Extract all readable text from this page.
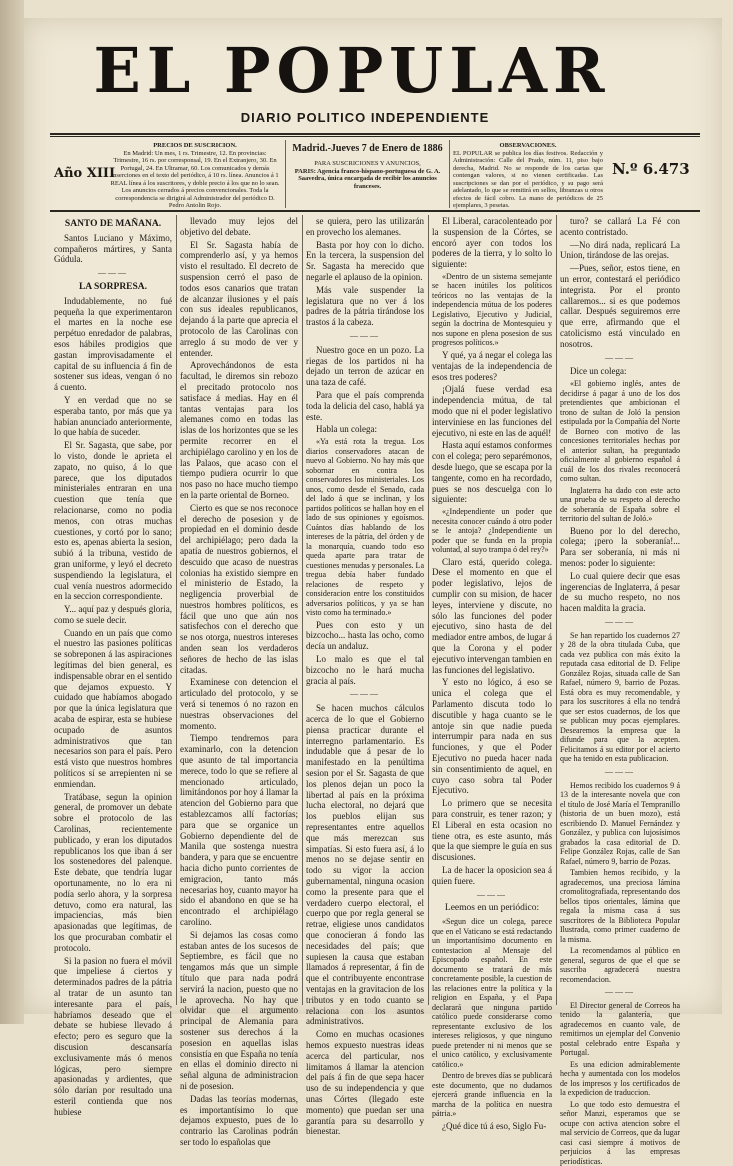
EL POPULAR
DIARIO POLITICO INDEPENDIENTE
Año XIII
PRECIOS DE SUSCRICION.
En Madrid: Un mes, 1 rs. Trimestre, 12. En provincias: Trimestre, 16 rs. por corresponsal, 19. En el Extranjero, 30. En Portugal, 24. En Ultramar, 60. Los comunicados y demás inserciones en el texto del periódico, á 10 rs. línea. Anuncios á 1 REAL línea á los suscritores, y doble precio á los que no lo sean. Los anuncios cerrados á precios convencionales. Toda la correspondencia se dirigirá al Administrador del periódico D. Pedro Antolin Rojo.
Madrid.-Jueves 7 de Enero de 1886
PARA SUSCRICIONES Y ANUNCIOS,
PARIS: Agencia franco-hispano-portuguesa de G. A. Saavedra, única encargada de recibir los anuncios franceses.
OBSERVACIONES.
EL POPULAR se publica los días festivos. Redacción y Administración: Calle del Prado, núm. 11, piso bajo derecha, Madrid. No se responde de los cartas que contengan valores, si no vienen certificadas. Las suscripciones se dan por el periódico, y su pago será adelantado, lo que se remitirá en sellos, libranzas u otros efectos de fácil cobro. La mano de periódicos de 25 ejemplares, 3 pesetas.
N.º 6.473
SANTO DE MAÑANA.

Santos Luciano y Máximo, compañeros mártires, y Santa Gúdula.

———
LA SORPRESA.

Indudablemente, no fué pequeña la que experimentaron el martes en la noche ese perpétuo enredador de palabras, esos hábiles prodigios que gastan improvisadamente el capital de su influencia á fin de sostener sus ideas, vengan ó no á cuento.

Y en verdad que no se esperaba tanto, por más que ya habían anunciado anteriormente, lo que había de suceder.

El Sr. Sagasta, que sabe, por lo visto, donde le aprieta el zapato, no quiso, á lo que parece, que los diputados ministeriales entraran en una cuestion que tenía que relacionarse, como no podia menos, con otras muchas cuestiones, y cortó por lo sano; esto es, apenas abierta la sesion, subió á la tribuna, vestido de gran uniforme, y leyó el decreto suspendiendo la legislatura, el cual venía nuestros adormecido en la seccion correspondiente.

Y... aquí paz y después gloria, como se suele decir.

Cuando en un país que como el nuestro las pasiones políticas se sobreponen á las aspiraciones legítimas del bien general, es indispensable obrar en el sentido que dejamos expuesto. Y cuidado que habíamos abogado por que la única legislatura que acaba de espirar, esta se hubiese ocupado de asuntos administrativos que tan necesarios son para el país. Pero está visto que nuestros hombres políticos sí se arrepienten ni se enmiendan.

Tratábase, segun la opinion general, de promover un debate sobre el protocolo de las Carolinas, recientemente publicado, y eran los diputados republicanos los que iban á ser los sostenedores del palenque. Este debate, que tendría lugar oportunamente, no lo era ni podía serlo ahora, y la sorpresa detuvo, como era natural, las impaciencias, más bien apasionadas que legítimas, de los que procuraban combatir el protocolo.

Si la pasion no fuera el móvil que impeliese á ciertos y determinados padres de la pátria al tratar de un asunto tan interesante para el país, habríamos deseado que el debate se hubiese llevado á efecto; pero es seguro que la discusion descansaría exclusivamente más ó menos lógicas, pero siempre apasionadas y ardientes, que sólo darían por resultado una esteril contienda que nos hubiese

llevado muy lejos del objetivo del debate.

El Sr. Sagasta había de comprenderlo así, y ya hemos visto el resultado. El decreto de suspension cerró el paso de todos esos canarios que tratan de alcanzar ilusiones y el país con sus ideales republicanos, dejando á la parte que aprecia el protocolo de las Carolinas con arreglo á su modo de ver y entender.

Aprovechándonos de esta facultad, le diremos sin rebozo el precitado protocolo nos satisface á medias. Hay en él tantas ventajas para los alemanes como en todas las islas de los horizontes que se les permite recorrer en el archipiélago carolino y en los de las Palaos, que acaso con el tiempo pudiera ocurrir lo que nos paso no hace mucho tiempo en la parte oriental de Borneo.

Cierto es que se nos reconoce el derecho de posesion y de propiedad en el dominio desde del archipiélago; pero dada la apatía de nuestros gobiernos, el descuido que acaso de nuestras colonias ha existido siempre en el ministerio de Estado, la negligencia proverbial de nuestros hombres políticos, es fácil que uno que aún nos satisfechos con el derecho que se nos otorga, nuestros intereses anden sean los verdaderos señores de hecho de las islas citadas.

Examinese con detencion el articulado del protocolo, y se verá si tenemos ó no razon en nuestras observaciones del momento.

Tiempo tendremos para examinarlo, con la detencion que asunto de tal importancia merece, todo lo que se refiere al mencionado articulado, limitándonos por hoy á llamar la atencion del Gobierno para que establezcamos allí factorías; para que se organice un Gobierno dependiente del de Manila que sostenga nuestra bandera, y para que se encuentre hacia dicho punto corrientes de emigracion, tanto más necesarias hoy, cuanto mayor ha sido el abandono en que se ha encontrado el archipiélago carolino.

Si dejamos las cosas como estaban antes de los sucesos de Septiembre, es fácil que no tengamos más que un simple título que para nada podrá servirá la nacion, puesto que no le aprovecha. No hay que olvidar que el argumento principal de Alemania para sostener sus derechos á la posesion en aquellas islas consistía en que España no tenía en ellas el dominio directo ni señal alguna de administracion ni de posesion.

Dadas las teorías modernas, es importantísimo lo que dejamos expuesto, pues de lo contrario las Carolinas podrán ser todo lo españolas que

se quiera, pero las utilizarán en provecho los alemanes.

Basta por hoy con lo dicho. En la tercera, la suspension del Sr. Sagasta ha merecido que negarle el aplauso de la opinion.

Más vale suspender la legislatura que no ver á los padres de la pátria tirándose los trastos á la cabeza.

———

Nuestro goce en un pozo. La riegas de los partidos ni ha dejado un terron de azúcar en una taza de café.

Para que el país comprenda toda la delicia del caso, hablá ya este.

Habla un colega:

«Ya está rota la tregua. Los diarios conservadores atacan de nuevo al Gobierno. No hay más que sobornar en contra los conservadores los ministeriales. Los unos, como desde el Senado, cada del lado á que se inclinan, y los partidos políticos se hallan hoy en el lado de sus opiniones y egoísmos. Cuántos días hablando de los intereses de la pátria, del órden y de la monarquía, cuando todo eso queda aparte para tratar de cuestiones menudas y personales. La tregua debía haber fundado relaciones de respeto y consideracion entre los constituidos adversarios políticos, y ya se han visto como ha terminado.»

Pues con esto y un bizcocho... hasta las ocho, como decía un andaluz.

Lo malo es que el tal bizcocho no le hará mucha gracia al país.

———

Se hacen muchos cálculos acerca de lo que el Gobierno piensa practicar durante el interregno parlamentario. Es indudable que á pesar de lo manifestado en la penúltima sesion por el Sr. Sagasta de que los plenos dejan un poco la libertad al país en la próxima lucha electoral, no dejará que los pueblos elijan sus representantes entre aquellos que más merezcan sus simpatías. Si esto fuera así, á lo menos no se dejase sentir en todo su vigor la accion gubernamental, ninguna ocasion como la presente para que el verdadero cuerpo electoral, el cuerpo que por regla general se retrae, eligiese unos candidatos que conocieran á fondo las necesidades del país; que supiesen la causa que estaban llamados á representar, á fin de que el contribuyente encontrase ventajas en la gravitacion de los tributos y en todo cuanto se relaciona con los asuntos administrativos.

Como en muchas ocasiones hemos expuesto nuestras ideas acerca del particular, nos limitamos á llamar la atencion del país á fin de que sepa hacer uso de su independencia y que unas Córtes (llegado este momento) que puedan ser una garantía para su desarrollo y bienestar.

El Liberal, caracolenteado por la suspension de la Córtes, se encoró ayer con todos los poderes de la tierra, y lo solto lo siguiente:

«Dentro de un sistema semejante se hacen inútiles los políticos teóricos no las ventajas de la independencia mútua de los poderes Legislativo, Ejecutivo y Judicial, según la doctrina de Montesquieu y nos supone en plena posesion de sus progresos políticos.»

Y qué, ya á negar el colega las ventajas de la independencia de esos tres poderes?

¡Ojalá fuese verdad esa independencia mútua, de tal modo que ni el poder legislativo interviniese en las funciones del ejecutivo, ni este en las de aquél!

Hasta aquí estamos conformes con el colega; pero separémonos, desde luego, que se escapa por la tangente, como en ha recordado, pues se nos descuelga con lo siguiente:

«¿Independiente un poder que necesita conocer cuándo á otro poder se le antoja? ¿Independiente un poder que se funda en la propia voluntad, al suyo trampa ó del rey?»

Claro está, querido colega. Dese el momento en que el poder legislativo, lejos de cumplir con su mision, de hacer leyes, interviene y discute, no sólo las funciones del poder ejecutivo, sino hasta de del mediador entre ambos, de lugar á que la Corona y el poder ejecutivo intervengan tambien en las funciones del legislativo.

Y esto no lógico, á eso se unica el colega que el Parlamento discuta todo lo discutible y haga cuanto se le antoje sin que nadie pueda interrumpir para nada en sus funciones, y que el Poder Ejecutivo no pueda hacer nada sin consentimiento de aquel, en cuyo caso sobra tal Poder Ejecutivo.

Lo primero que se necesita para construir, es tener razon; y El Liberal en esta ocasion no tiene otra, es este asunto, más que la que siempre le guía en sus discusiones.

La de hacer la oposicion sea á quien fuere.

———
Leemos en un periódico:

«Segun dice un colega, parece que en el Vaticano se está redactando un importantísimo documento en contestacion al Mensaje del Episcopado español. En este documento se tratará de más concretamente posible, la cuestion de las relaciones entre la política y la religion en España, y el Papa declarará que ninguna partido católico puede considerarse como representante exclusivo de los intereses religiosos, y que ninguno puede pretender ni ni menos que se el unico católico, y exclusivamente católico.»

Dentro de breves días se publicará este documento, que no dudamos ejercerá grande influencia en la marcha de la política en nuestra pátria.»

¿Qué dice tú á eso, Siglo Fu-

turo? se callará La Fé con acento contristado.

—No dirá nada, replicará La Union, tirándose de las orejas.

—Pues, señor, estos tiene, en un error, contestará el periódico integrista. Por el pronto callaremos... si es que podemos callar. Después seguiremos erre que erre, afirmando que el catolicismo está vinculado en nosotros.

———

Dice un colega:

«El gobierno inglés, antes de decidirse á pagar á uno de los dos pretendientes que ambicionan el trono de sultan de Joló la pension estipulada por la Compañía del Norte de Borneo con motivo de las concesiones territoriales hechas por el anterior sultan, ha preguntado oficialmente al gobierno español á cuál de los dos rivales reconocerá como sultan.

Inglaterra ha dado con este acto una prueba de su respeto al derecho de soberanía de España sobre el territorio del sultan de Joló.»

Bueno por lo del derecho, colega; ¡pero la soberanía!... Para ser soberanía, ni más ni menos: poder lo siguiente:

Lo cual quiere decir que esas ingerencias de Inglaterra, á pesar de su mucho respeto, no nos hacen maldita la gracia.

———

Se han repartido los cuadernos 27 y 28 de la obra titulada Cuba, que cada vez publica con más éxito la reputada casa editorial de D. Felipe González Rojas, situada calle de San Rafael, número 9, barrio de Pozas. Está obra es muy recomendable, y para los suscritores á ella no tendrá que ser estos cuadernos, de los que se publican muy pocas ejemplares. Desearemos la empresa que la difunde para que la acepten. Felicitamos á su editor por el acierto que ha tenido en esta publicacion.

———

Hemos recibido los cuadernos 9 á 13 de la interesante novela que con el título de José María el Tempranillo (historia de un buen mozo), está escribiendo D. Manuel Fernández y González, y publica con lujosísimos grabados la casa editorial de D. Felipe González Rojas, calle de San Rafael, número 9, barrio de Pozas.

Tambien hemos recibido, y la agradecemos, una preciosa lámina cromolitografiada, representando dos bellos tipos orientales, lámina que regala la misma casa á sus suscritores de la Biblioteca Popular Ilustrada, como primer cuaderno de la misma.

La recomendamos al público en general, seguros de que el que se suscriba agradecerá nuestra recomendacion.

———

El Director general de Correos ha tenido la galantería, que agradecemos en cuanto vale, de remitirnos un ejemplar del Convenio postal celebrado entre España y Portugal.

Es una edicion admirablemente hecha y aumentada con los modelos de los impresos y los certificados de la expedicion de traduccion.

Lo que todo esto demuestra el señor Manzi, esperamos que se ocupe con activa atencion sobre el mal servicio de Correos, que da lugar casi casi siempre á motivos de perjuicios á las empresas periodísticas.
